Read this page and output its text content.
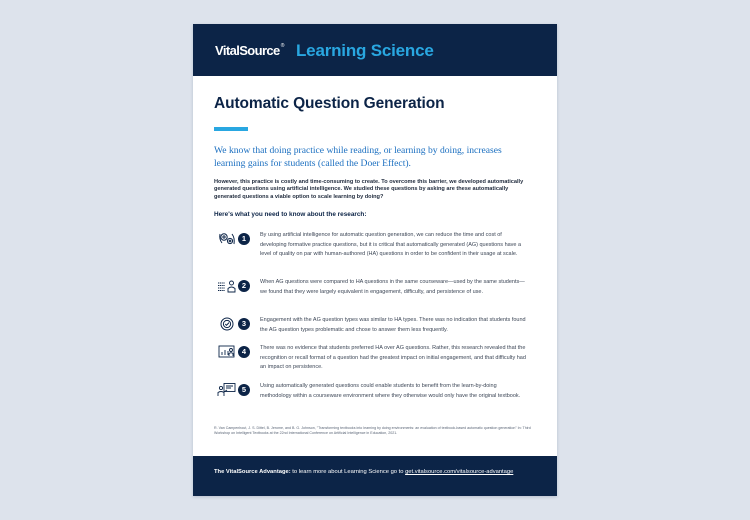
VitalSource® Learning Science
Automatic Question Generation
We know that doing practice while reading, or learning by doing, increases learning gains for students (called the Doer Effect).
However, this practice is costly and time-consuming to create. To overcome this barrier, we developed automatically generated questions using artificial intelligence. We studied these questions by asking are these automatically generated questions a viable option to scale learning by doing?
Here's what you need to know about the research:
1	By using artificial intelligence for automatic question generation, we can reduce the time and cost of developing formative practice questions, but it is critical that automatically generated (AG) questions have a level of quality on par with human-authored (HA) questions in order to be confident in their usage at scale.
2	When AG questions were compared to HA questions in the same courseware—used by the same students—we found that they were largely equivalent in engagement, difficulty, and persistence of use.
3	Engagement with the AG question types was similar to HA types. There was no indication that students found the AG question types problematic and chose to answer them less frequently.
4	There was no evidence that students preferred HA over AG questions. Rather, this research revealed that the recognition or recall format of a question had the greatest impact on initial engagement, and that difficulty had an impact on persistence.
5	Using automatically generated questions could enable students to benefit from the learn-by-doing methodology within a courseware environment where they otherwise would only have the original textbook.
R. Van Campenhout, J. S. Dittel, B. Jerome, and B. G. Johnson, "Transforming textbooks into learning by doing environments: an evaluation of textbook-based automatic question generation" In: Third Workshop on Intelligent Textbooks at the 22nd International Conference on Artificial Intelligence in Education, 2021.
The VitalSource Advantage: to learn more about Learning Science go to get.vitalsource.com/vitalsource-advantage
